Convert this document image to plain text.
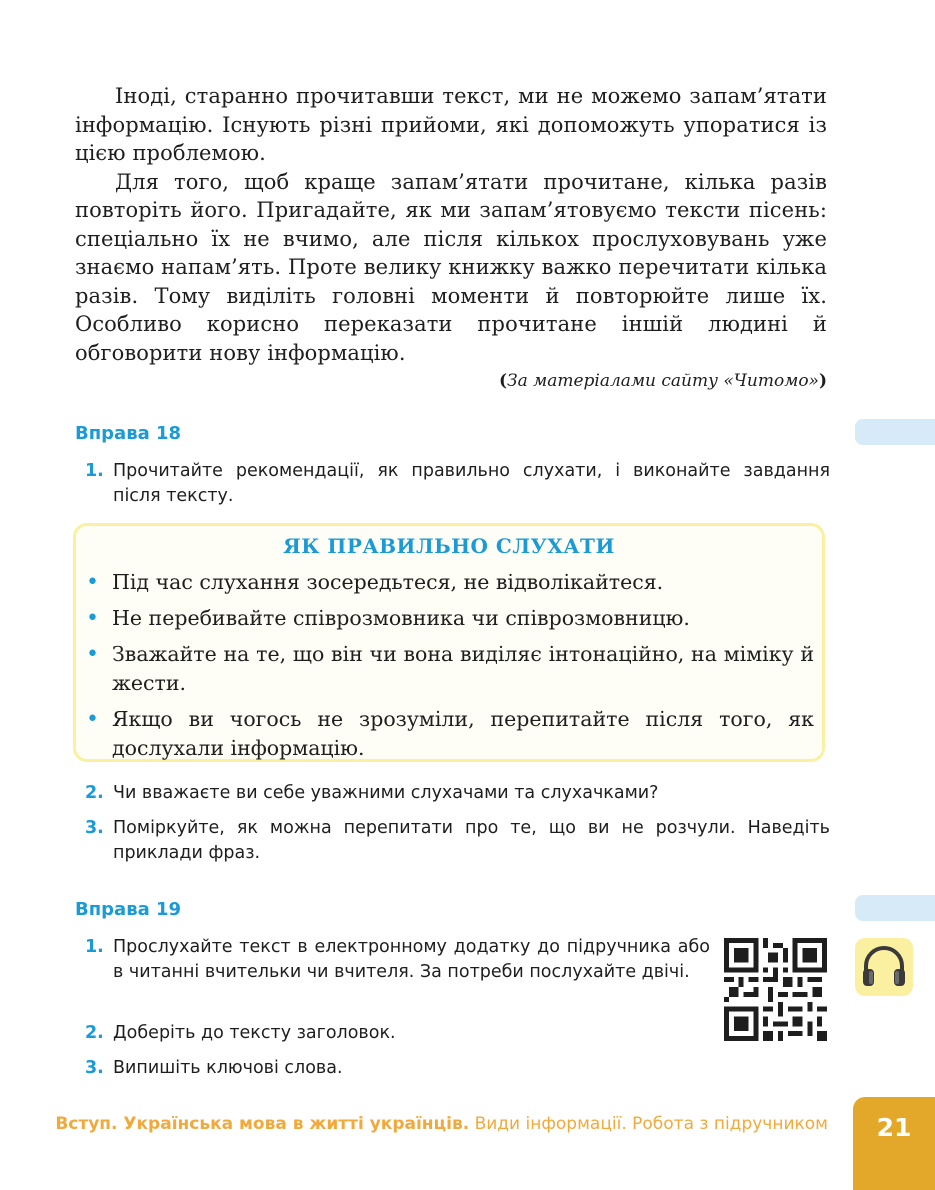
Іноді, старанно прочитавши текст, ми не можемо запам’ятати інформацію. Існують різні прийоми, які допоможуть упоратися із цією проблемою.

Для того, щоб краще запам’ятати прочитане, кілька разів повторіть його. Пригадайте, як ми запам’ятовуємо тексти пісень: спеціально їх не вчимо, але після кількох прослуховувань уже знаємо напам’ять. Проте велику книжку важко перечитати кілька разів. Тому виділіть головні моменти й повторюйте лише їх. Особливо корисно переказати прочитане іншій людині й обговорити нову інформацію.

(За матеріалами сайту «Читомо»)
Вправа 18
1. Прочитайте рекомендації, як правильно слухати, і виконайте завдання після тексту.
ЯК ПРАВИЛЬНО СЛУХАТИ
• Під час слухання зосередьтеся, не відволікайтеся.
• Не перебивайте співрозмовника чи співрозмовницю.
• Зважайте на те, що він чи вона виділяє інтонаційно, на міміку й жести.
• Якщо ви чогось не зрозуміли, перепитайте після того, як дослухали інформацію.
2. Чи вважаєте ви себе уважними слухачами та слухачками?
3. Поміркуйте, як можна перепитати про те, що ви не розчули. Наведіть приклади фраз.
Вправа 19
1. Прослухайте текст в електронному додатку до підручника або в читанні вчительки чи вчителя. За потреби послухайте двічі.
2. Доберіть до тексту заголовок.
3. Випишіть ключові слова.
Вступ. Українська мова в житті українців. Види інформації. Робота з підручником	21
